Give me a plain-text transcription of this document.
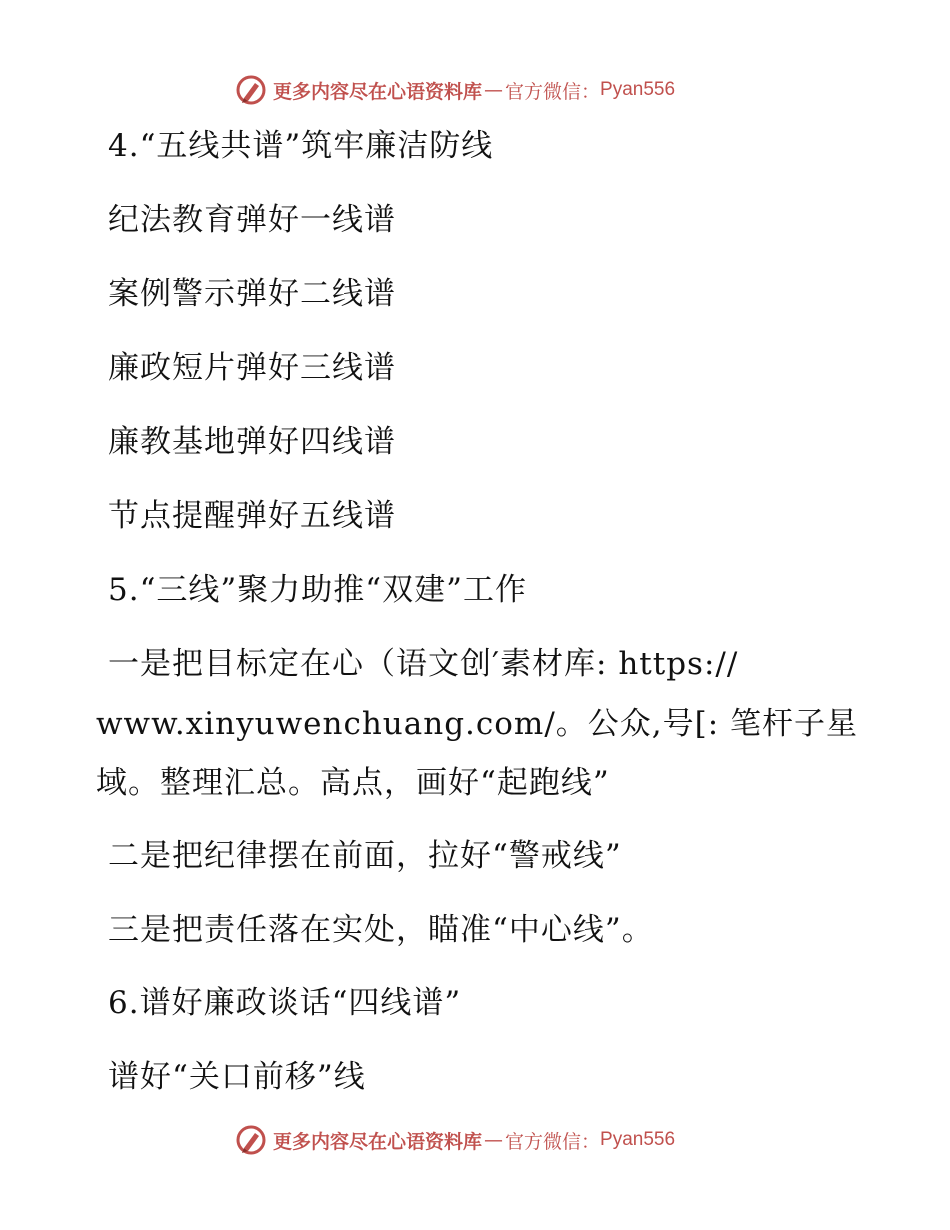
更多内容尽在心语资料库 — 官方微信： Pyan556
4.“五线共谱”筑牢廉洁防线
纪法教育弹好一线谱
案例警示弹好二线谱
廉政短片弹好三线谱
廉教基地弹好四线谱
节点提醒弹好五线谱
5.“三线”聚力助推“双建”工作
一是把目标定在心（语文创′素材库: https://
www.xinyuwenchuang.com/。公众,号[: 笔杆子星
域。整理汇总。高点，画好“起跑线”
二是把纪律摆在前面，拉好“警戒线”
三是把责任落在实处，瞄准“中心线”。
6.谱好廉政谈话“四线谱”
谱好“关口前移”线
更多内容尽在心语资料库 — 官方微信： Pyan556
